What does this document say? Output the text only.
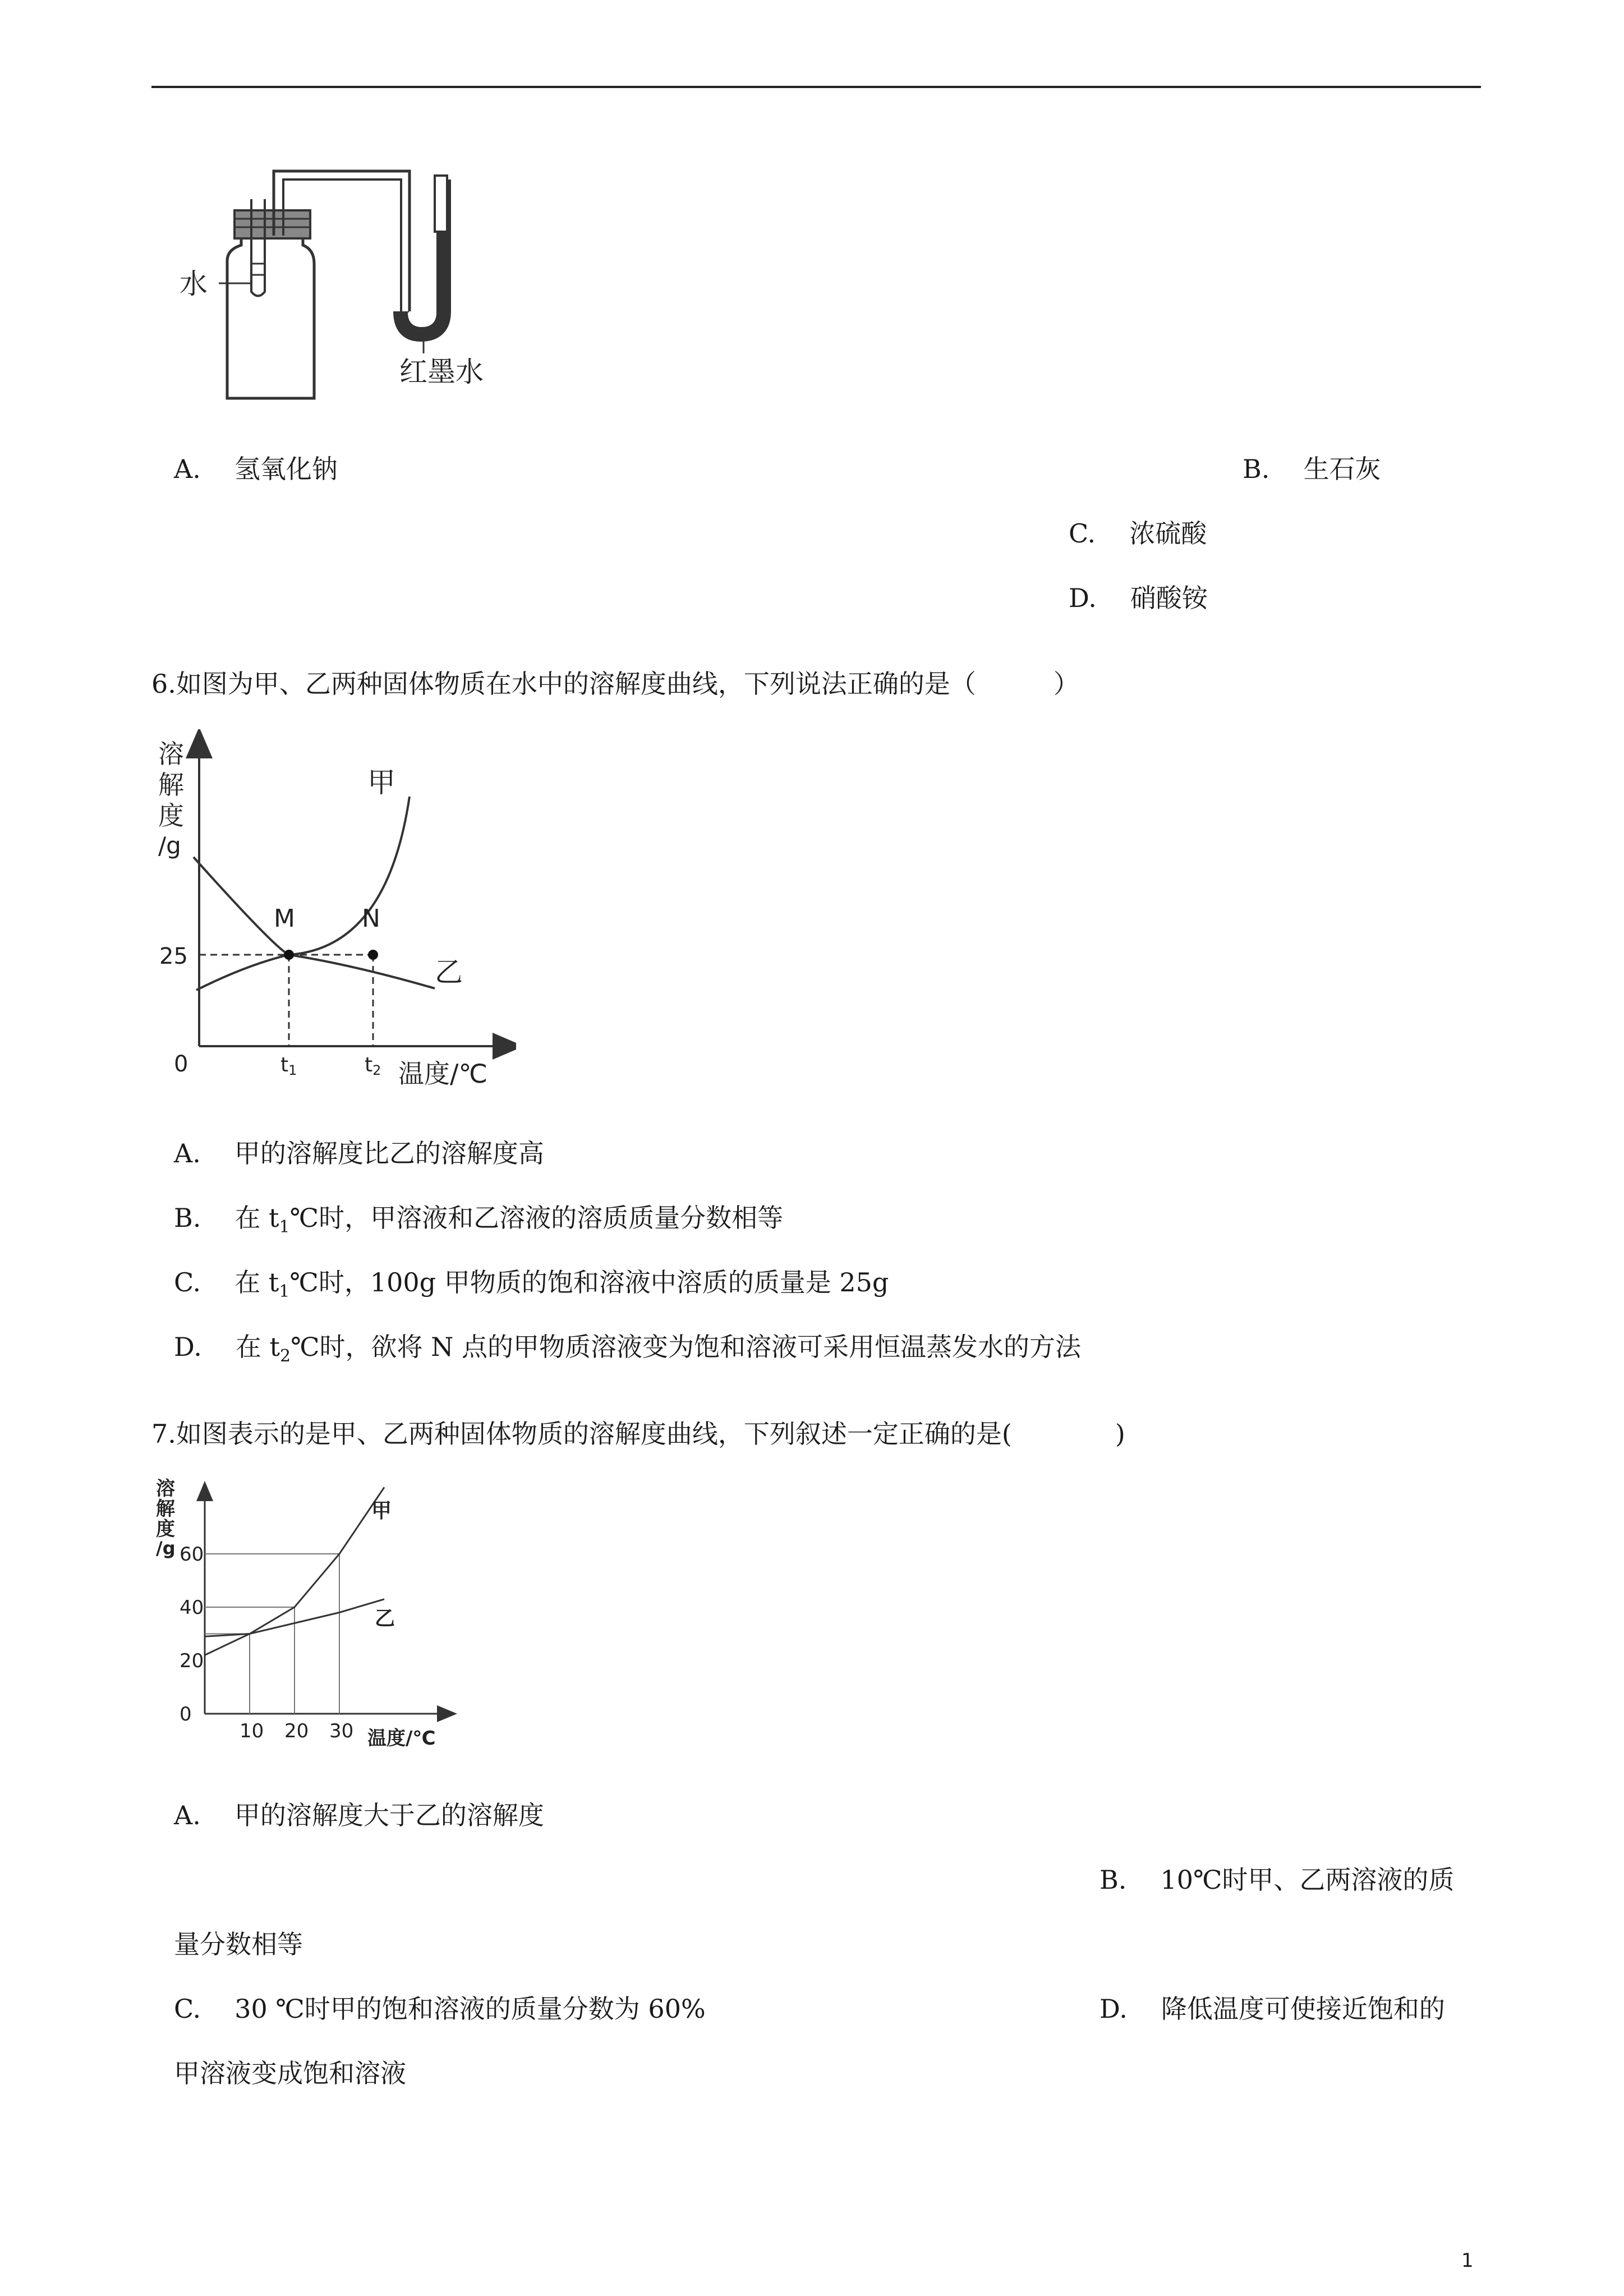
水
红墨水
A. 氢氧化钠	B. 生石灰
C. 浓硫酸
D. 硝酸铵
6.如图为甲、乙两种固体物质在水中的溶解度曲线，下列说法正确的是（　　　）
溶
解
度
/g
M	N
甲
乙
25
0	t1	t2 温度/℃
A. 甲的溶解度比乙的溶解度高
B. 在 $t_1℃$时，甲溶液和乙溶液的溶质质量分数相等
C. 在 $t_1℃$时，100g 甲物质的饱和溶液中溶质的质量是 25g
D. 在 $t_2℃$时，欲将 N 点的甲物质溶液变为饱和溶液可采用恒温蒸发水的方法
7.如图表示的是甲、乙两种固体物质的溶解度曲线，下列叙述一定正确的是(　　　　)
溶
解
度
/g 60
40
20
0
10 20 30
甲
乙
温度/℃
A. 甲的溶解度大于乙的溶解度
B. 10℃时甲、乙两溶液的质
量分数相等
C. 30 ℃时甲的饱和溶液的质量分数为 60%	D. 降低温度可使接近饱和的
甲溶液变成饱和溶液
1
